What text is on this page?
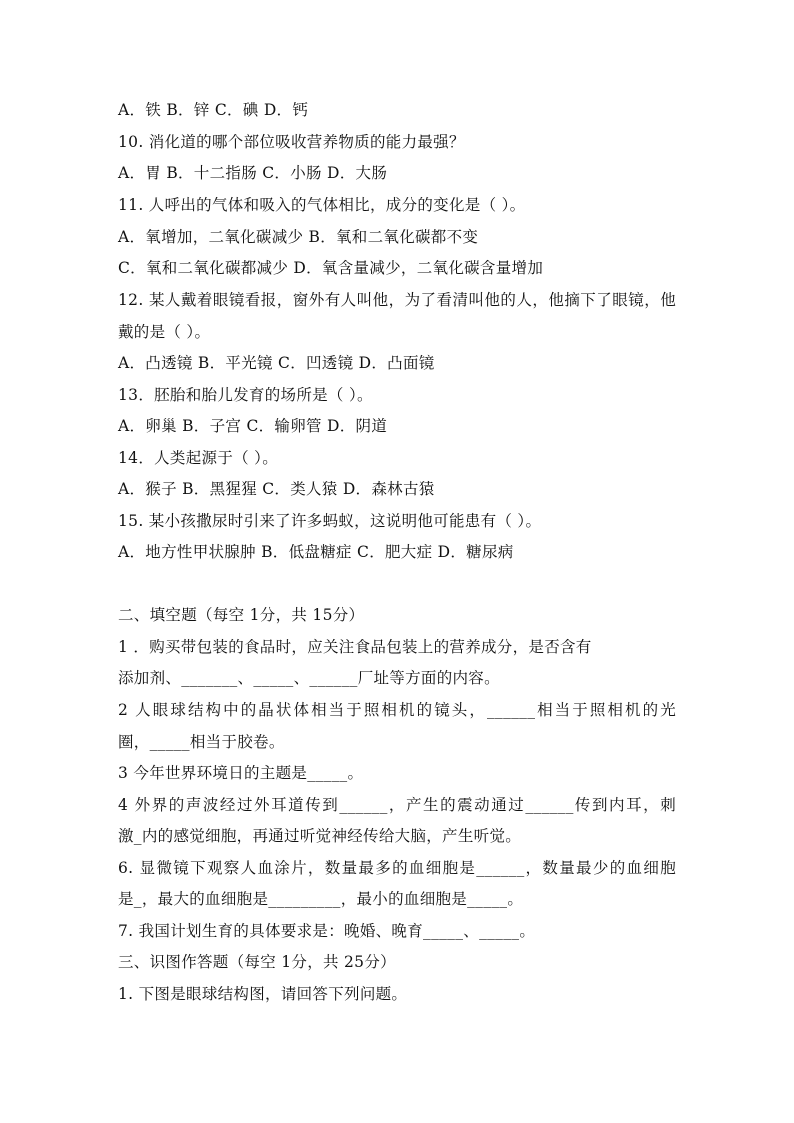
A．铁 B．锌 C．碘 D．钙
10. 消化道的哪个部位吸收营养物质的能力最强？
A．胃 B．十二指肠 C．小肠 D．大肠
11. 人呼出的气体和吸入的气体相比，成分的变化是（ ）。
A．氧增加，二氧化碳减少 B．氧和二氧化碳都不变
C．氧和二氧化碳都减少 D．氧含量减少，二氧化碳含量增加
12. 某人戴着眼镜看报，窗外有人叫他，为了看清叫他的人，他摘下了眼镜，他
戴的是（ ）。
A．凸透镜 B．平光镜 C．凹透镜 D．凸面镜
13．胚胎和胎儿发育的场所是（ ）。
A．卵巢 B．子宫 C．输卵管 D．阴道
14．人类起源于（ ）。
A．猴子 B．黑猩猩 C．类人猿 D．森林古猿
15. 某小孩撒尿时引来了许多蚂蚁，这说明他可能患有（ ）。
A．地方性甲状腺肿 B．低盘糖症 C．肥大症 D．糖尿病
二、填空题（每空 1分，共 15分）
1 ．购买带包装的食品时，应关注食品包装上的营养成分，是否含有
添加剂、_______、_____、______厂址等方面的内容。
2 人眼球结构中的晶状体相当于照相机的镜头，______相当于照相机的光
圈，_____相当于胶卷。
3 今年世界环境日的主题是_____。
4 外界的声波经过外耳道传到______，产生的震动通过______传到内耳，刺
激_内的感觉细胞，再通过听觉神经传给大脑，产生听觉。
6. 显微镜下观察人血涂片，数量最多的血细胞是______，数量最少的血细胞
是_，最大的血细胞是_________，最小的血细胞是_____。
7. 我国计划生育的具体要求是：晚婚、晚育_____、_____。
三、识图作答题（每空 1分，共 25分）
1. 下图是眼球结构图，请回答下列问题。
